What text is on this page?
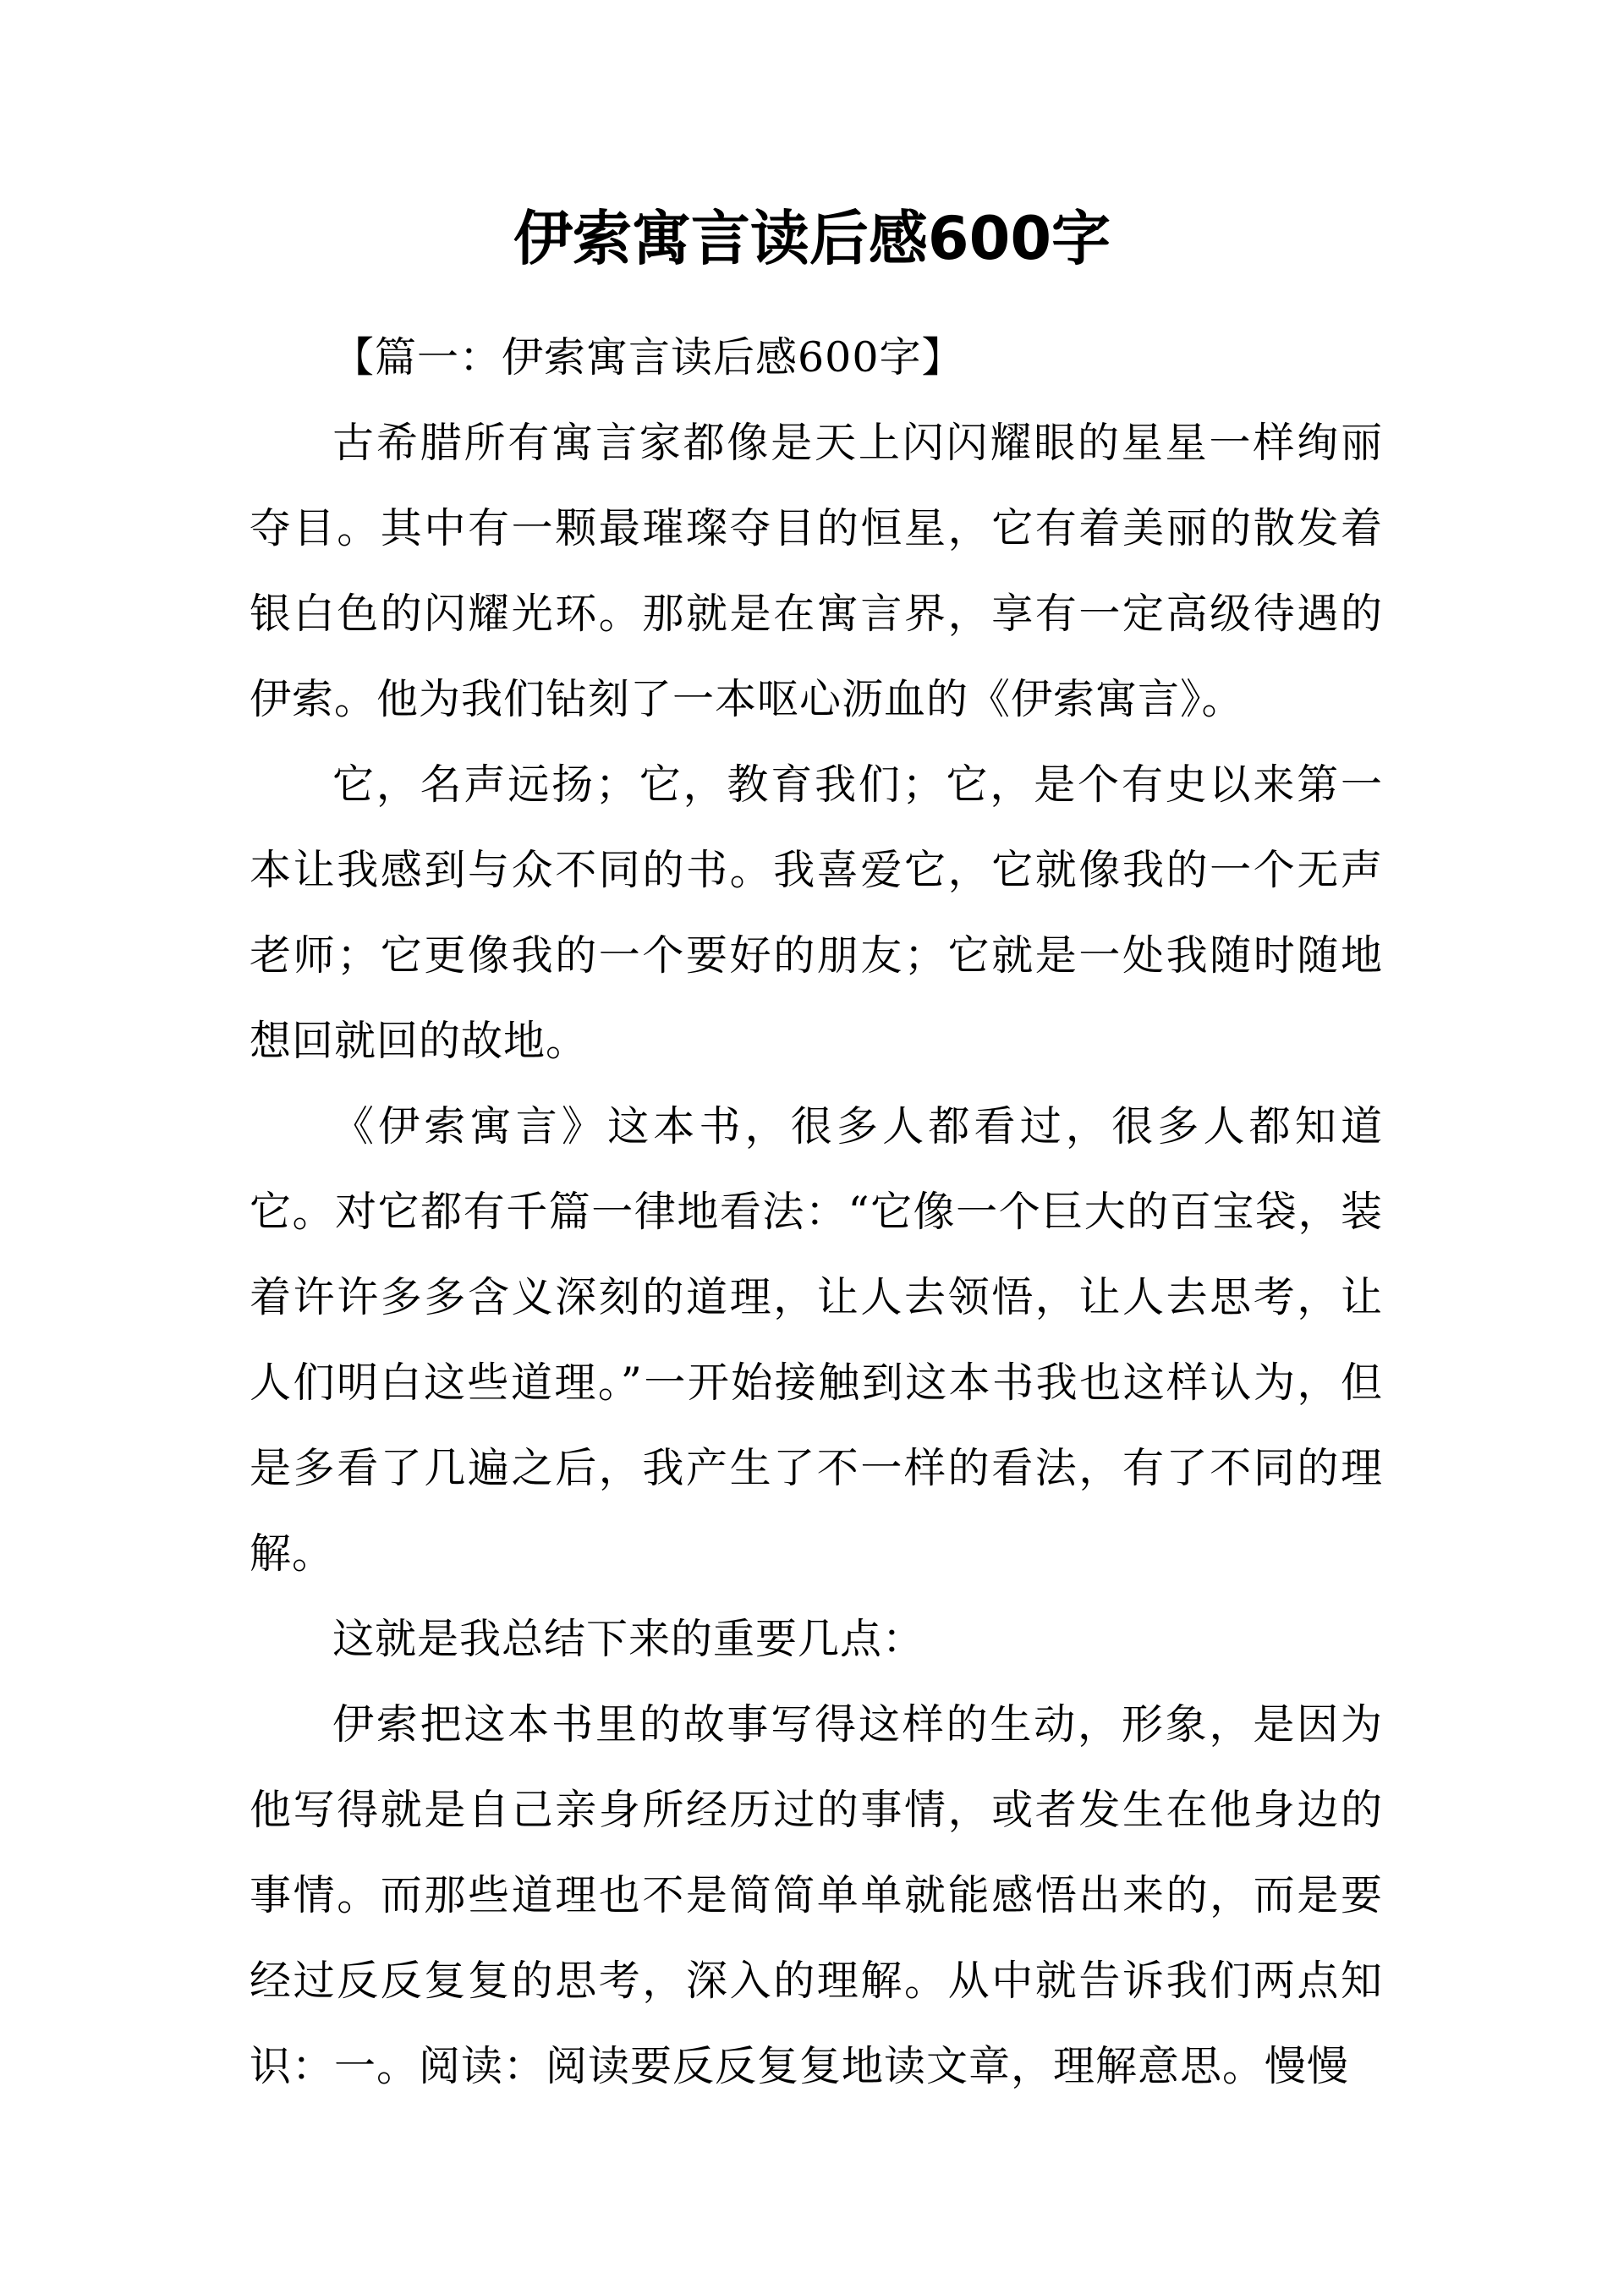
伊索寓言读后感600字

【篇一：伊索寓言读后感600字】

古希腊所有寓言家都像是天上闪闪耀眼的星星一样绚丽夺目。其中有一颗最璀璨夺目的恒星，它有着美丽的散发着银白色的闪耀光环。那就是在寓言界，享有一定高级待遇的伊索。他为我们钻刻了一本呕心沥血的《伊索寓言》。

它，名声远扬；它，教育我们；它，是个有史以来第一本让我感到与众不同的书。我喜爱它，它就像我的一个无声老师；它更像我的一个要好的朋友；它就是一处我随时随地想回就回的故地。

《伊索寓言》这本书，很多人都看过，很多人都知道它。对它都有千篇一律地看法：“它像一个巨大的百宝袋，装着许许多多含义深刻的道理，让人去领悟，让人去思考，让人们明白这些道理。”一开始接触到这本书我也这样认为，但是多看了几遍之后，我产生了不一样的看法，有了不同的理解。

这就是我总结下来的重要几点：

伊索把这本书里的故事写得这样的生动，形象，是因为他写得就是自己亲身所经历过的事情，或者发生在他身边的事情。而那些道理也不是简简单单就能感悟出来的，而是要经过反反复复的思考，深入的理解。从中就告诉我们两点知识：一。阅读：阅读要反反复复地读文章，理解意思。慢慢
